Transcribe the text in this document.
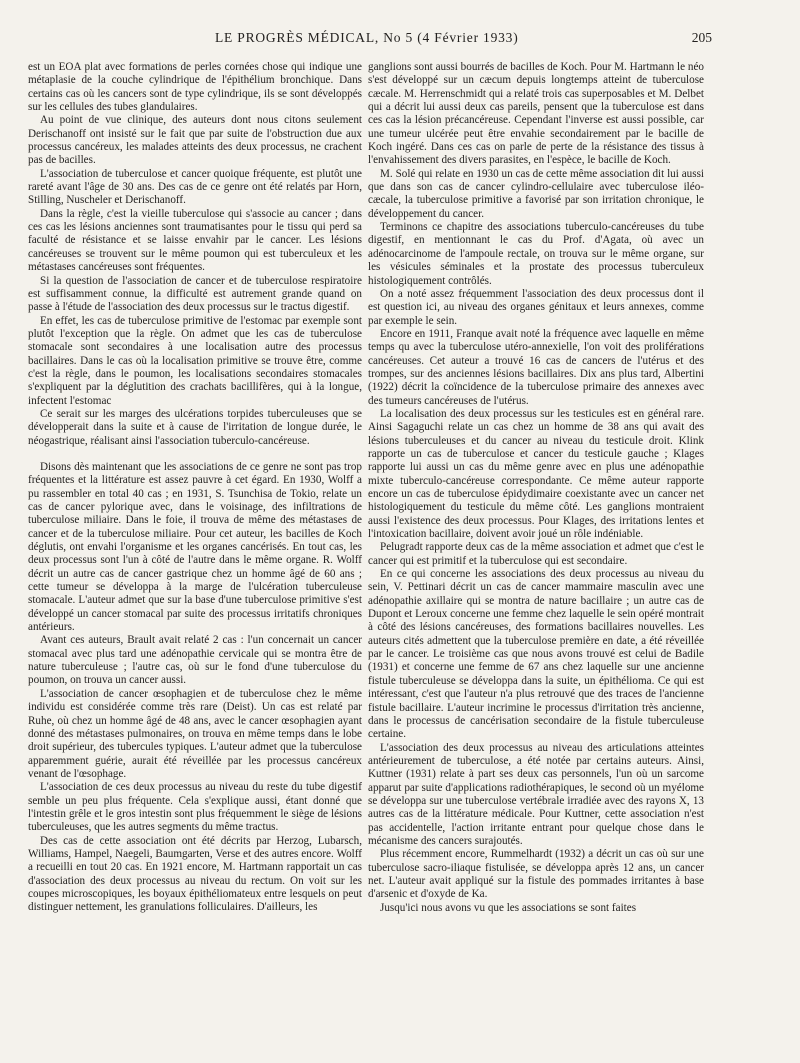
LE PROGRÈS MÉDICAL, No 5 (4 Février 1933)	205

est un EOA plat avec formations de perles cornées chose qui indique une métaplasie de la couche cylindrique de l'épithélium bronchique. Dans certains cas où les cancers sont de type cylindrique, ils se sont développés sur les cellules des tubes glandulaires.

Au point de vue clinique, des auteurs dont nous citons seulement Derischanoff ont insisté sur le fait que par suite de l'obstruction due aux processus cancéreux, les malades atteints des deux processus, ne crachent pas de bacilles.

L'association de tuberculose et cancer quoique fréquente, est plutôt une rareté avant l'âge de 30 ans. Des cas de ce genre ont été relatés par Horn, Stilling, Nuscheler et Derischanoff.

Dans la règle, c'est la vieille tuberculose qui s'associe au cancer ; dans ces cas les lésions anciennes sont traumatisantes pour le tissu qui perd sa faculté de résistance et se laisse envahir par le cancer. Les lésions cancéreuses se trouvent sur le même poumon qui est tuberculeux et les métastases cancéreuses sont fréquentes.

Si la question de l'association de cancer et de tuberculose respiratoire est suffisamment connue, la difficulté est autrement grande quand on passe à l'étude de l'association des deux processus sur le tractus digestif.

En effet, les cas de tuberculose primitive de l'estomac par exemple sont plutôt l'exception que la règle. On admet que les cas de tuberculose stomacale sont secondaires à une localisation autre des processus bacillaires. Dans le cas où la localisation primitive se trouve être, comme c'est la règle, dans le poumon, les localisations secondaires stomacales s'expliquent par la déglutition des crachats bacillifères, qui à la longue, infectent l'estomac

Ce serait sur les marges des ulcérations torpides tuberculeuses que se développerait dans la suite et à cause de l'irritation de longue durée, le néogastrique, réalisant ainsi l'association tuberculo-cancéreuse.

Disons dès maintenant que les associations de ce genre ne sont pas trop fréquentes et la littérature est assez pauvre à cet égard. En 1930, Wolff a pu rassembler en total 40 cas ; en 1931, S. Tsunchisa de Tokio, relate un cas de cancer pylorique avec, dans le voisinage, des infiltrations de tuberculose miliaire. Dans le foie, il trouva de même des métastases de cancer et de la tuberculose miliaire. Pour cet auteur, les bacilles de Koch déglutis, ont envahi l'organisme et les organes cancérisés. En tout cas, les deux processus sont l'un à côté de l'autre dans le même organe. R. Wolff décrit un autre cas de cancer gastrique chez un homme âgé de 60 ans ; cette tumeur se développa à la marge de l'ulcération tuberculeuse stomacale. L'auteur admet que sur la base d'une tuberculose primitive s'est développé un cancer stomacal par suite des processus irritatifs chroniques antérieurs.

Avant ces auteurs, Brault avait relaté 2 cas : l'un concernait un cancer stomacal avec plus tard une adénopathie cervicale qui se montra être de nature tuberculeuse ; l'autre cas, où sur le fond d'une tuberculose du poumon, on trouva un cancer aussi.

L'association de cancer œsophagien et de tuberculose chez le même individu est considérée comme très rare (Deist). Un cas est relaté par Ruhe, où chez un homme âgé de 48 ans, avec le cancer œsophagien ayant donné des métastases pulmonaires, on trouva en même temps dans le lobe droit supérieur, des tubercules typiques. L'auteur admet que la tuberculose apparemment guérie, aurait été réveillée par les processus cancéreux venant de l'œsophage.

L'association de ces deux processus au niveau du reste du tube digestif semble un peu plus fréquente. Cela s'explique aussi, étant donné que l'intestin grêle et le gros intestin sont plus fréquemment le siège de lésions tuberculeuses, que les autres segments du même tractus.

Des cas de cette association ont été décrits par Herzog, Lubarsch, Williams, Hampel, Naegeli, Baumgarten, Verse et des autres encore. Wolff a recueilli en tout 20 cas. En 1921 encore, M. Hartmann rapportait un cas d'association des deux processus au niveau du rectum. On voit sur les coupes microscopiques, les boyaux épithéliomateux entre lesquels on peut distinguer nettement, les granulations folliculaires. D'ailleurs, les

ganglions sont aussi bourrés de bacilles de Koch. Pour M. Hartmann le néo s'est développé sur un cæcum depuis longtemps atteint de tuberculose cæcale. M. Herrenschmidt qui a relaté trois cas superposables et M. Delbet qui a décrit lui aussi deux cas pareils, pensent que la tuberculose est dans ces cas la lésion précancéreuse. Cependant l'inverse est aussi possible, car une tumeur ulcérée peut être envahie secondairement par le bacille de Koch ingéré. Dans ces cas on parle de perte de la résistance des tissus à l'envahissement des divers parasites, en l'espèce, le bacille de Koch.

M. Solé qui relate en 1930 un cas de cette même association dit lui aussi que dans son cas de cancer cylindro-cellulaire avec tuberculose iléo-cæcale, la tuberculose primitive a favorisé par son irritation chronique, le développement du cancer.

Terminons ce chapitre des associations tuberculo-cancéreuses du tube digestif, en mentionnant le cas du Prof. d'Agata, où avec un adénocarcinome de l'ampoule rectale, on trouva sur le même organe, sur les vésicules séminales et la prostate des processus tuberculeux histologiquement contrôlés.

On a noté assez fréquemment l'association des deux processus dont il est question ici, au niveau des organes génitaux et leurs annexes, comme par exemple le sein.

Encore en 1911, Franque avait noté la fréquence avec laquelle en même temps qu avec la tuberculose utéro-annexielle, l'on voit des proliférations cancéreuses. Cet auteur a trouvé 16 cas de cancers de l'utérus et des trompes, sur des anciennes lésions bacillaires. Dix ans plus tard, Albertini (1922) décrit la coïncidence de la tuberculose primaire des annexes avec des tumeurs cancéreuses de l'utérus.

La localisation des deux processus sur les testicules est en général rare. Ainsi Sagaguchi relate un cas chez un homme de 38 ans qui avait des lésions tuberculeuses et du cancer au niveau du testicule droit. Klink rapporte un cas de tuberculose et cancer du testicule gauche ; Klages rapporte lui aussi un cas du même genre avec en plus une adénopathie mixte tuberculo-cancéreuse correspondante. Ce même auteur rapporte encore un cas de tuberculose épidydimaire coexistante avec un cancer net histologiquement du testicule du même côté. Les ganglions montraient aussi l'existence des deux processus. Pour Klages, des irritations lentes et l'intoxication bacillaire, doivent avoir joué un rôle indéniable.

Pelugradt rapporte deux cas de la même association et admet que c'est le cancer qui est primitif et la tuberculose qui est secondaire.

En ce qui concerne les associations des deux processus au niveau du sein, V. Pettinari décrit un cas de cancer mammaire masculin avec une adénopathie axillaire qui se montra de nature bacillaire ; un autre cas de Dupont et Leroux concerne une femme chez laquelle le sein opéré montrait à côté des lésions cancéreuses, des formations bacillaires nouvelles. Les auteurs cités admettent que la tuberculose première en date, a été réveillée par le cancer. Le troisième cas que nous avons trouvé est celui de Badile (1931) et concerne une femme de 67 ans chez laquelle sur une ancienne fistule tuberculeuse se développa dans la suite, un épithélioma. Ce qui est intéressant, c'est que l'auteur n'a plus retrouvé que des traces de l'ancienne fistule bacillaire. L'auteur incrimine le processus d'irritation très ancienne, dans le processus de cancérisation secondaire de la fistule tuberculeuse certaine.

L'association des deux processus au niveau des articulations atteintes antérieurement de tuberculose, a été notée par certains auteurs. Ainsi, Kuttner (1931) relate à part ses deux cas personnels, l'un où un sarcome apparut par suite d'applications radiothérapiques, le second où un myélome se développa sur une tuberculose vertébrale irradiée avec des rayons X, 13 autres cas de la littérature médicale. Pour Kuttner, cette association n'est pas accidentelle, l'action irritante entrant pour quelque chose dans le mécanisme des cancers surajoutés.

Plus récemment encore, Rummelhardt (1932) a décrit un cas où sur une tuberculose sacro-iliaque fistulisée, se développa après 12 ans, un cancer net. L'auteur avait appliqué sur la fistule des pommades irritantes à base d'arsenic et d'oxyde de Ka.

Jusqu'ici nous avons vu que les associations se sont faites
